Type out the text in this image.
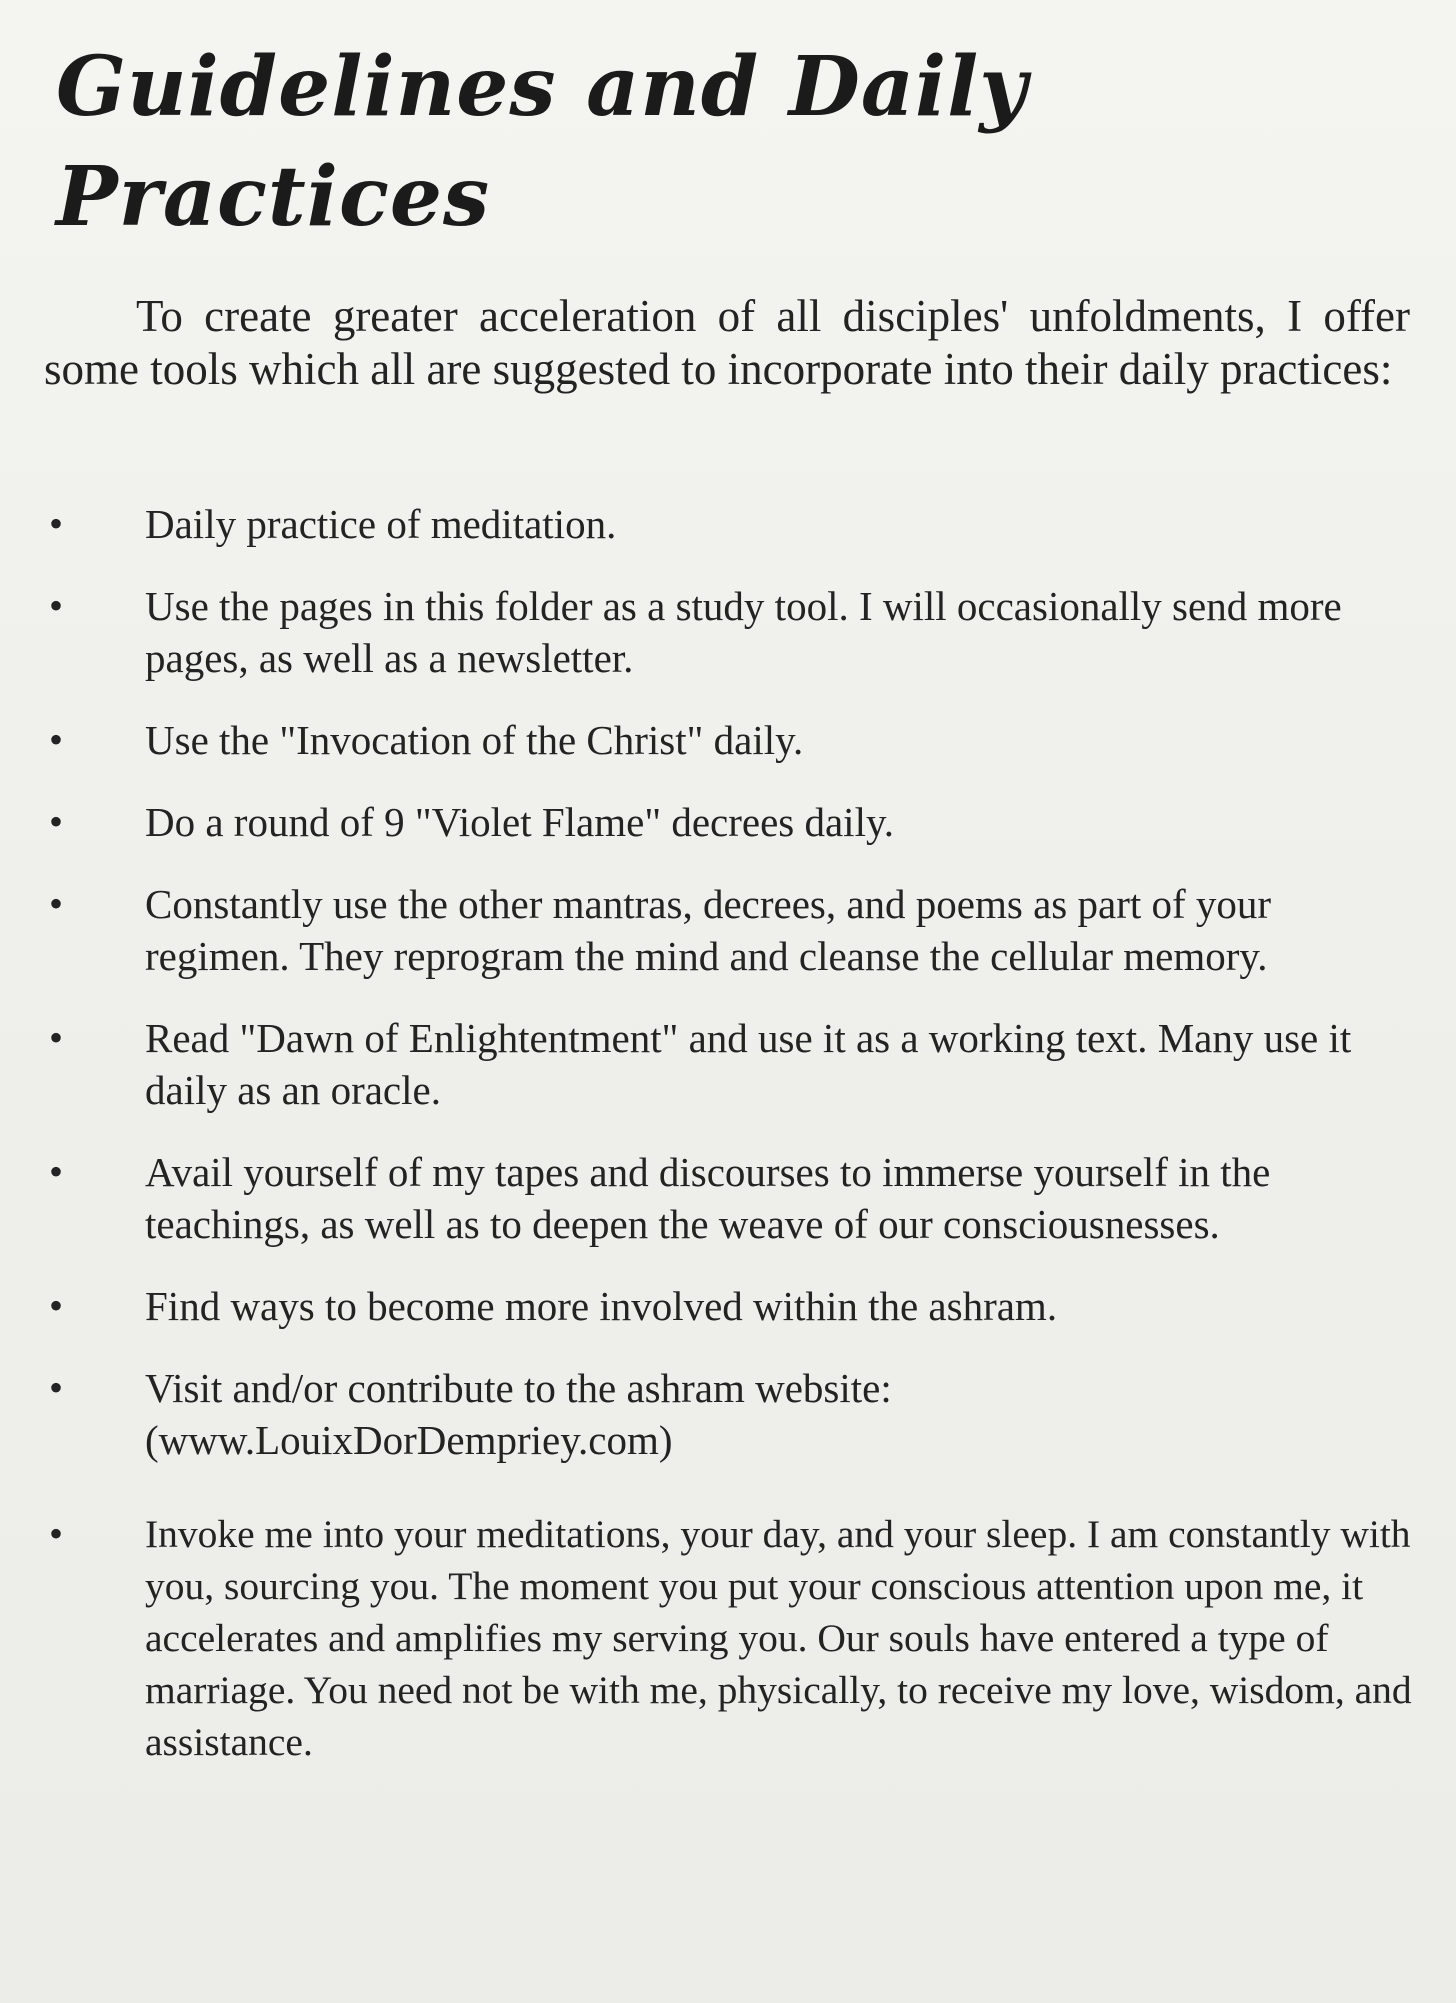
Guidelines and Daily Practices

To create greater acceleration of all disciples' unfoldments, I offer some tools which all are suggested to incorporate into their daily practices:

• Daily practice of meditation.
• Use the pages in this folder as a study tool. I will occasionally send more pages, as well as a newsletter.
• Use the "Invocation of the Christ" daily.
• Do a round of 9 "Violet Flame" decrees daily.
• Constantly use the other mantras, decrees, and poems as part of your regimen. They reprogram the mind and cleanse the cellular memory.
• Read "Dawn of Enlightentment" and use it as a working text. Many use it daily as an oracle.
• Avail yourself of my tapes and discourses to immerse yourself in the teachings, as well as to deepen the weave of our consciousnesses.
• Find ways to become more involved within the ashram.
• Visit and/or contribute to the ashram website: (www.LouixDorDempriey.com)
• Invoke me into your meditations, your day, and your sleep. I am constantly with you, sourcing you. The moment you put your conscious attention upon me, it accelerates and amplifies my serving you. Our souls have entered a type of marriage. You need not be with me, physically, to receive my love, wisdom, and assistance.
